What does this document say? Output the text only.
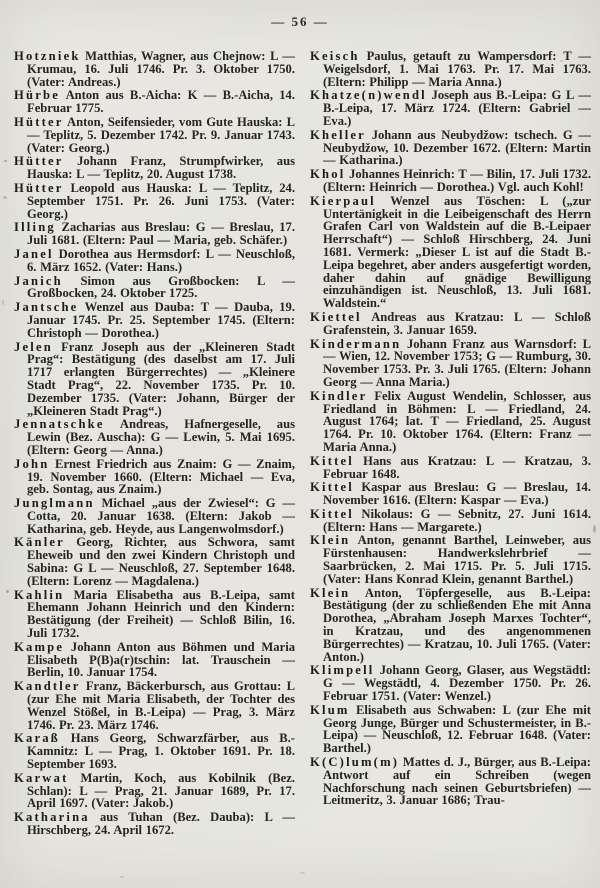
— 56 —

Hotzniek Matthias, Wagner, aus Chejnow: L — Krumau, 16. Juli 1746. Pr. 3. Oktober 1750. (Vater: Andreas.)

Hürbe Anton aus B.-Aicha: K — B.-Aicha, 14. Februar 1775.

Hütter Anton, Seifensieder, vom Gute Hauska: L — Teplitz, 5. Dezember 1742. Pr. 9. Januar 1743. (Vater: Georg.)

Hütter Johann Franz, Strumpfwirker, aus Hauska: L — Teplitz, 20. August 1738.

Hütter Leopold aus Hauska: L — Teplitz, 24. September 1751. Pr. 26. Juni 1753. (Vater: Georg.)

Illing Zacharias aus Breslau: G — Breslau, 17. Juli 1681. (Eltern: Paul — Maria, geb. Schäfer.)

Janel Dorothea aus Hermsdorf: L — Neuschloß, 6. März 1652. (Vater: Hans.)

Janich Simon aus Großbocken: L — Großbocken, 24. Oktober 1725.

Jantsche Wenzel aus Dauba: T — Dauba, 19. Januar 1745. Pr. 25. September 1745. (Eltern: Christoph — Dorothea.)

Jelen Franz Joseph aus der „Kleineren Stadt Prag“: Bestätigung (des daselbst am 17. Juli 1717 erlangten Bürgerrechtes) — „Kleinere Stadt Prag“, 22. November 1735. Pr. 10. Dezember 1735. (Vater: Johann, Bürger der „Kleineren Stadt Prag“.)

Jennatschke Andreas, Hafnergeselle, aus Lewin (Bez. Auscha): G — Lewin, 5. Mai 1695. (Eltern: Georg — Anna.)

John Ernest Friedrich aus Znaim: G — Znaim, 19. November 1660. (Eltern: Michael — Eva, geb. Sontag, aus Znaim.)

Junglmann Michael „aus der Zwiesel“: G — Cotta, 20. Januar 1638. (Eltern: Jakob — Katharina, geb. Heyde, aus Langenwolmsdorf.)

Känler Georg, Richter, aus Schwora, samt Eheweib und den zwei Kindern Christoph und Sabina: G L — Neuschloß, 27. September 1648. (Eltern: Lorenz — Magdalena.)

Kahlin Maria Elisabetha aus B.-Leipa, samt Ehemann Johann Heinrich und den Kindern: Bestätigung (der Freiheit) — Schloß Bilin, 16. Juli 1732.

Kampe Johann Anton aus Böhmen und Maria Elisabeth P(B)a(r)tschin: lat. Trauschein — Berlin, 10. Januar 1754.

Kandtler Franz, Bäckerbursch, aus Grottau: L (zur Ehe mit Maria Elisabeth, der Tochter des Wenzel Stößel, in B.-Leipa) — Prag, 3. März 1746. Pr. 23. März 1746.

Karaß Hans Georg, Schwarzfärber, aus B.-Kamnitz: L — Prag, 1. Oktober 1691. Pr. 18. September 1693.

Karwat Martin, Koch, aus Kobilnik (Bez. Schlan): L — Prag, 21. Januar 1689, Pr. 17. April 1697. (Vater: Jakob.)

Katharina aus Tuhan (Bez. Dauba): L — Hirschberg, 24. April 1672.

Keisch Paulus, getauft zu Wampersdorf: T — Weigelsdorf, 1. Mai 1763. Pr. 17. Mai 1763. (Eltern: Philipp — Maria Anna.)

Khatze(n)wendl Joseph aus B.-Leipa: G L — B.-Leipa, 17. März 1724. (Eltern: Gabriel — Eva.)

Kheller Johann aus Neubydžow: tschech. G — Neubydžow, 10. Dezember 1672. (Eltern: Martin — Katharina.)

Khol Johannes Heinrich: T — Bilin, 17. Juli 1732. (Eltern: Heinrich — Dorothea.) Vgl. auch Kohl!

Kierpaul Wenzel aus Töschen: L („zur Untertänigkeit in die Leibeigenschaft des Herrn Grafen Carl von Waldstein auf die B.-Leipaer Herrschaft“) — Schloß Hirschberg, 24. Juni 1681. Vermerk: „Dieser L ist auf die Stadt B.-Leipa begehret, aber anders ausgefertigt worden, daher dahin auf gnädige Bewilligung einzuhändigen ist. Neuschloß, 13. Juli 1681. Waldstein.“

Kiettel Andreas aus Kratzau: L — Schloß Grafenstein, 3. Januar 1659.

Kindermann Johann Franz aus Warnsdorf: L — Wien, 12. November 1753; G — Rumburg, 30. November 1753. Pr. 3. Juli 1765. (Eltern: Johann Georg — Anna Maria.)

Kindler Felix August Wendelin, Schlosser, aus Friedland in Böhmen: L — Friedland, 24. August 1764; lat. T — Friedland, 25. August 1764. Pr. 10. Oktober 1764. (Eltern: Franz — Maria Anna.)

Kittel Hans aus Kratzau: L — Kratzau, 3. Februar 1648.

Kittel Kaspar aus Breslau: G — Breslau, 14. November 1616. (Eltern: Kaspar — Eva.)

Kittel Nikolaus: G — Sebnitz, 27. Juni 1614. (Eltern: Hans — Margarete.)

Klein Anton, genannt Barthel, Leinweber, aus Fürstenhausen: Handwerkslehrbrief — Saarbrücken, 2. Mai 1715. Pr. 5. Juli 1715. (Vater: Hans Konrad Klein, genannt Barthel.)

Klein Anton, Töpfergeselle, aus B.-Leipa: Bestätigung (der zu schließenden Ehe mit Anna Dorothea, „Abraham Joseph Marxes Tochter“, in Kratzau, und des angenommenen Bürgerrechtes) — Kratzau, 10. Juli 1765. (Vater: Anton.)

Klimpell Johann Georg, Glaser, aus Wegstädtl: G — Wegstädtl, 4. Dezember 1750. Pr. 26. Februar 1751. (Vater: Wenzel.)

Klum Elisabeth aus Schwaben: L (zur Ehe mit Georg Junge, Bürger und Schustermeister, in B.-Leipa) — Neuschloß, 12. Februar 1648. (Vater: Barthel.)

K(C)lum(m) Mattes d. J., Bürger, aus B.-Leipa: Antwort auf ein Schreiben (wegen Nachforschung nach seinen Geburtsbriefen) — Leitmeritz, 3. Januar 1686; Trau-
